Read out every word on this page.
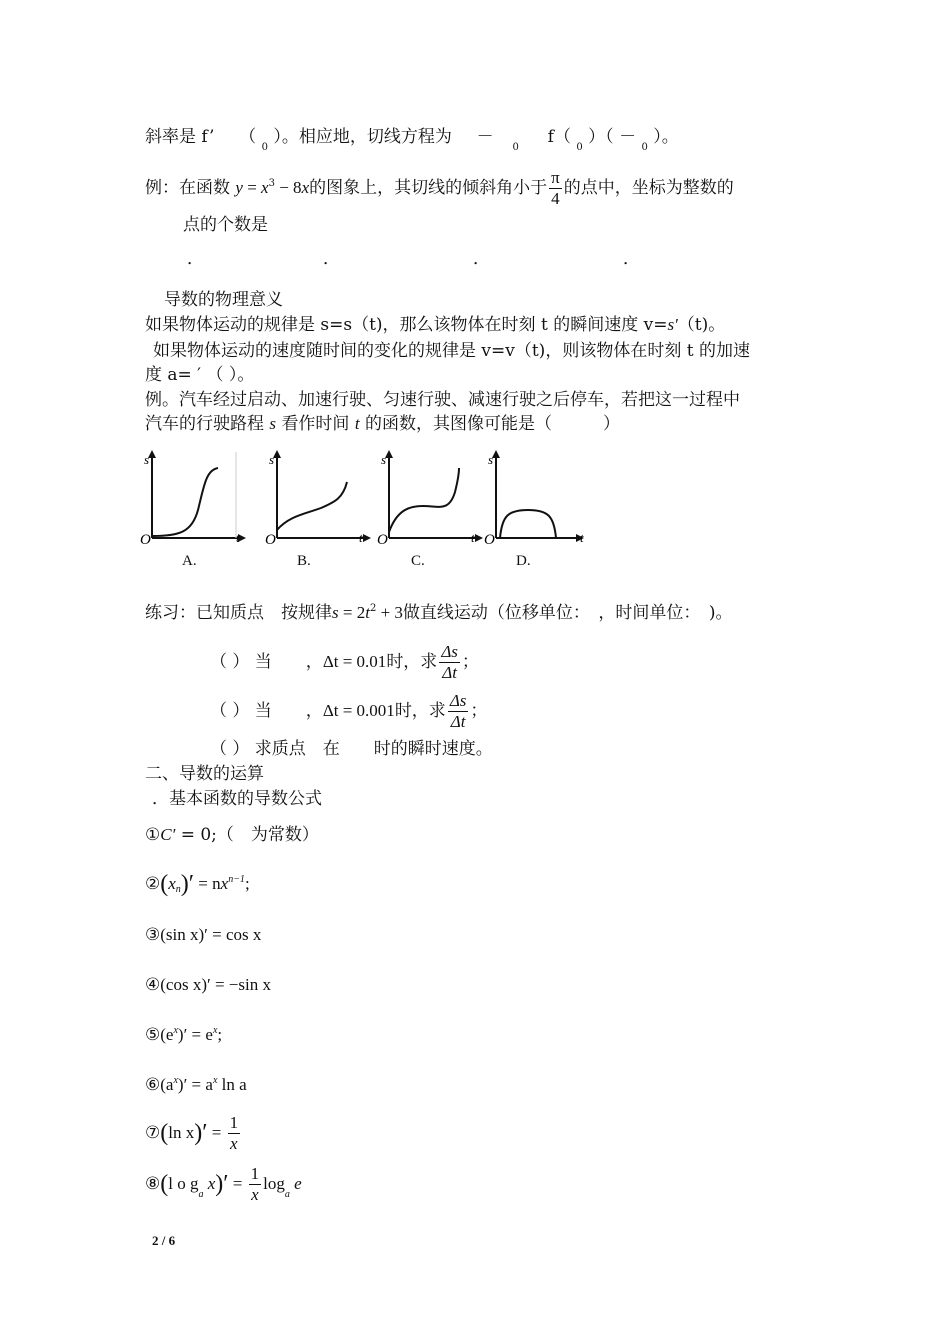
斜率是 f’ （ $_0$ ）。相应地，切线方程为 －  $_0$  f（ $_0$ ）（ － $_0$ ）。
例：在函数 $y = x^3 - 8x$的图象上，其切线的倾斜角小于 $\frac{\pi}{4}$ 的点中，坐标为整数的
点的个数是
．	．	．	．
导数的物理意义
如果物体运动的规律是 s=s（t)，那么该物体在时刻 t 的瞬间速度 v=s′（t)。
如果物体运动的速度随时间的变化的规律是 v=v（t)，则该物体在时刻 t 的加速
度 a= ′ （ ）。
例。汽车经过启动、加速行驶、匀速行驶、减速行驶之后停车，若把这一过程中
汽车的行驶路程 s 看作时间 t 的函数，其图像可能是（　　　）
s
O	t
s
O	t
s
O	t
s
O	t
A.	B.	C.	D.
练习：已知质点　按规律$s = 2t^2 + 3$做直线运动（位移单位：　，时间单位：　)。
（ ） 当　　，Δt = 0.01时，求 $\frac{\Delta s}{\Delta t}$ ；
（ ） 当　　，Δt = 0.001时，求 $\frac{\Delta s}{\Delta t}$ ；
（ ） 求质点　在　　时的瞬时速度。
二、导数的运算
．基本函数的导数公式
①C′ = 0;（　为常数）
②(xn)′ = $nx^{n-1}$;
③(sin x)′ = cos x
④(cos x)′ = −sin x
$⑤(e^x)' = e^x$;
$⑥(a^x)' = a^x$ ln a
⑦(ln $x)' = \frac{1}{x}$
⑧(l o $g_a$ $x)' = \frac{1}{x} \log_a e$
2 / 6
